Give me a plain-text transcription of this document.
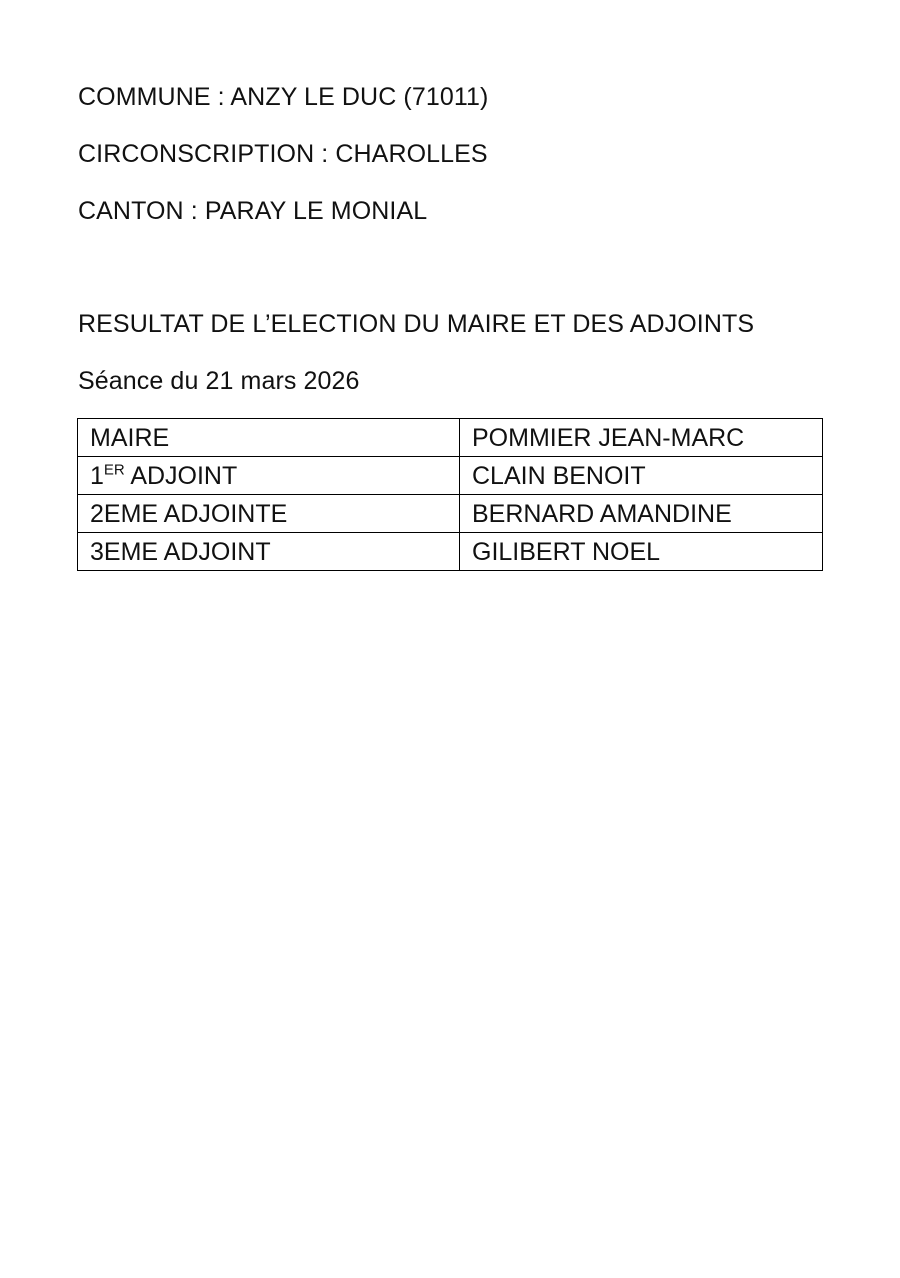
COMMUNE : ANZY LE DUC (71011)
CIRCONSCRIPTION : CHAROLLES
CANTON : PARAY LE MONIAL
RESULTAT DE L’ELECTION DU MAIRE ET DES ADJOINTS
Séance du 21 mars 2026
MAIRE	POMMIER JEAN-MARC
1ER ADJOINT	CLAIN BENOIT
2EME ADJOINTE	BERNARD AMANDINE
3EME ADJOINT	GILIBERT NOEL
